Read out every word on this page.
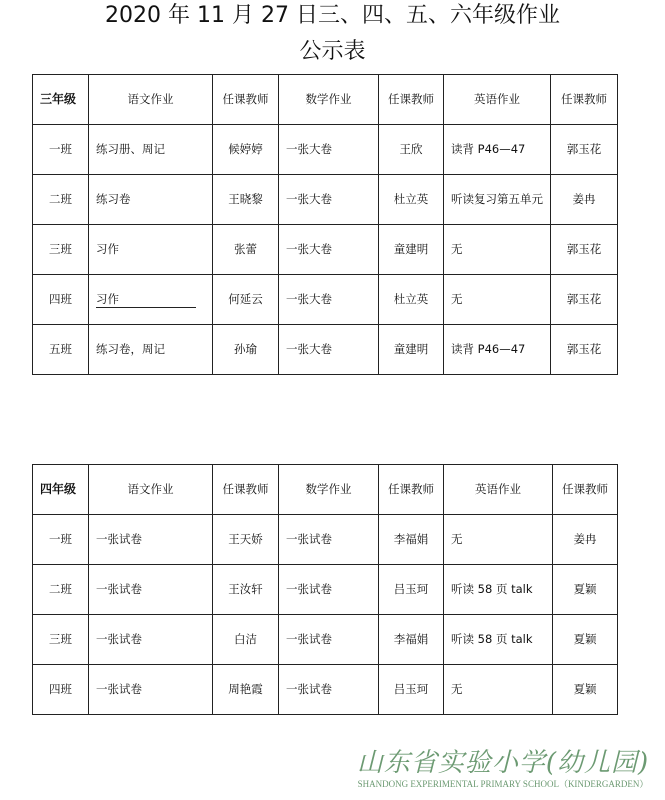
2020 年 11 月 27 日三、四、五、六年级作业
公示表
三年级	语文作业	任课教师	数学作业	任课教师	英语作业	任课教师
一班	练习册、周记	候婷婷	一张大卷	王欣	读背 P46—47	郭玉花
二班	练习卷	王晓黎	一张大卷	杜立英	听读复习第五单元	姜冉
三班	习作	张蕾	一张大卷	童建明	无	郭玉花
四班	习作	何延云	一张大卷	杜立英	无	郭玉花
五班	练习卷，周记	孙瑜	一张大卷	童建明	读背 P46—47	郭玉花
四年级	语文作业	任课教师	数学作业	任课教师	英语作业	任课教师
一班	一张试卷	王天娇	一张试卷	李福娟	无	姜冉
二班	一张试卷	王汝轩	一张试卷	吕玉珂	听读 58 页 talk	夏颖
三班	一张试卷	白洁	一张试卷	李福娟	听读 58 页 talk	夏颖
四班	一张试卷	周艳霞	一张试卷	吕玉珂	无	夏颖
山东省实验小学(幼儿园)
SHANDONG EXPERIMENTAL PRIMARY SCHOOL（KINDERGARDEN）
